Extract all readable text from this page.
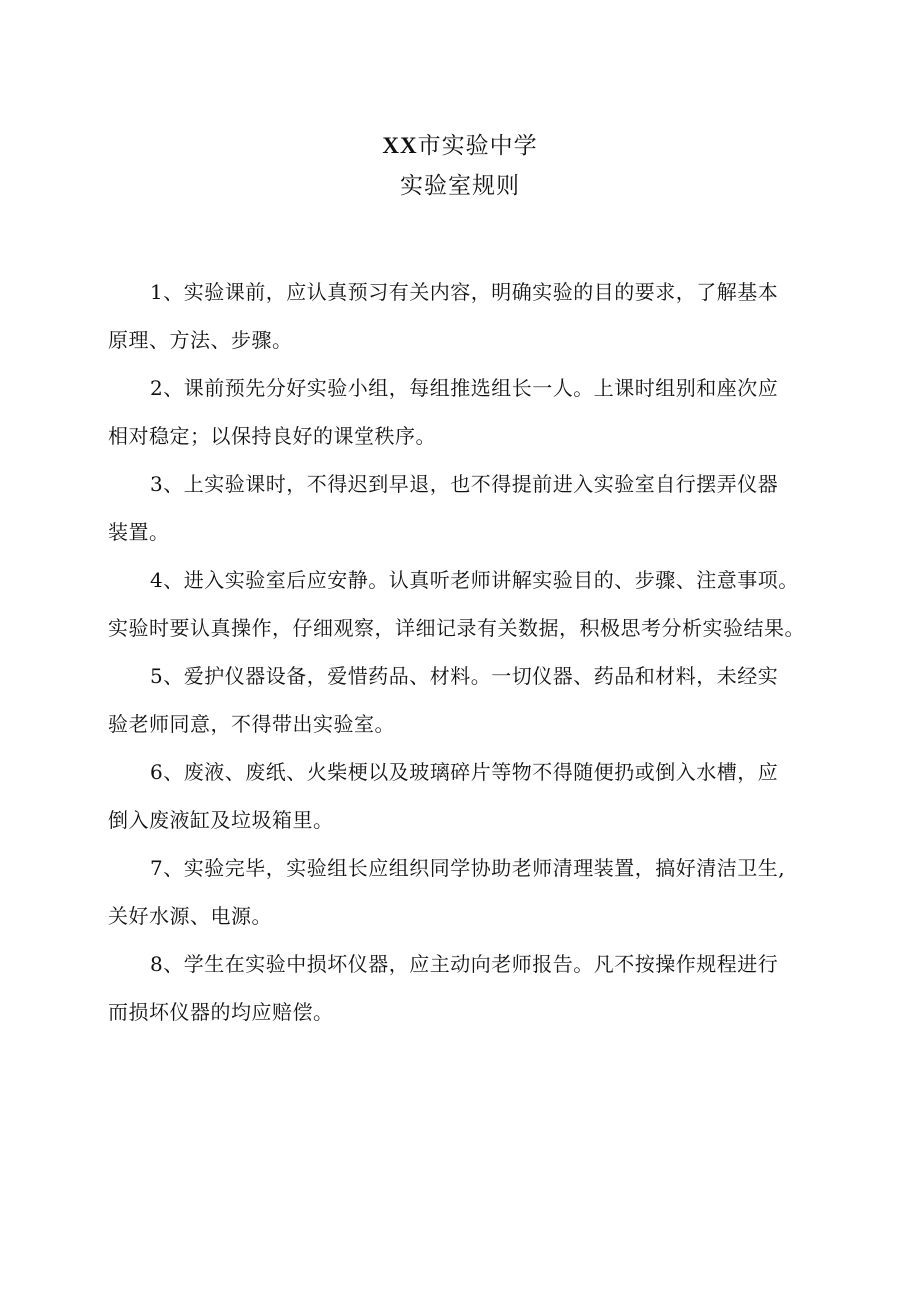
XX市实验中学
实验室规则

1、实验课前，应认真预习有关内容，明确实验的目的要求，了解基本
原理、方法、步骤。

2、课前预先分好实验小组，每组推选组长一人。上课时组别和座次应
相对稳定；以保持良好的课堂秩序。

3、上实验课时，不得迟到早退，也不得提前进入实验室自行摆弄仪器
装置。

4、进入实验室后应安静。认真听老师讲解实验目的、步骤、注意事项。
实验时要认真操作，仔细观察，详细记录有关数据，积极思考分析实验结果。

5、爱护仪器设备，爱惜药品、材料。一切仪器、药品和材料，未经实
验老师同意，不得带出实验室。

6、废液、废纸、火柴梗以及玻璃碎片等物不得随便扔或倒入水槽，应
倒入废液缸及垃圾箱里。

7、实验完毕，实验组长应组织同学协助老师清理装置，搞好清洁卫生,
关好水源、电源。

8、学生在实验中损坏仪器，应主动向老师报告。凡不按操作规程进行
而损坏仪器的均应赔偿。
